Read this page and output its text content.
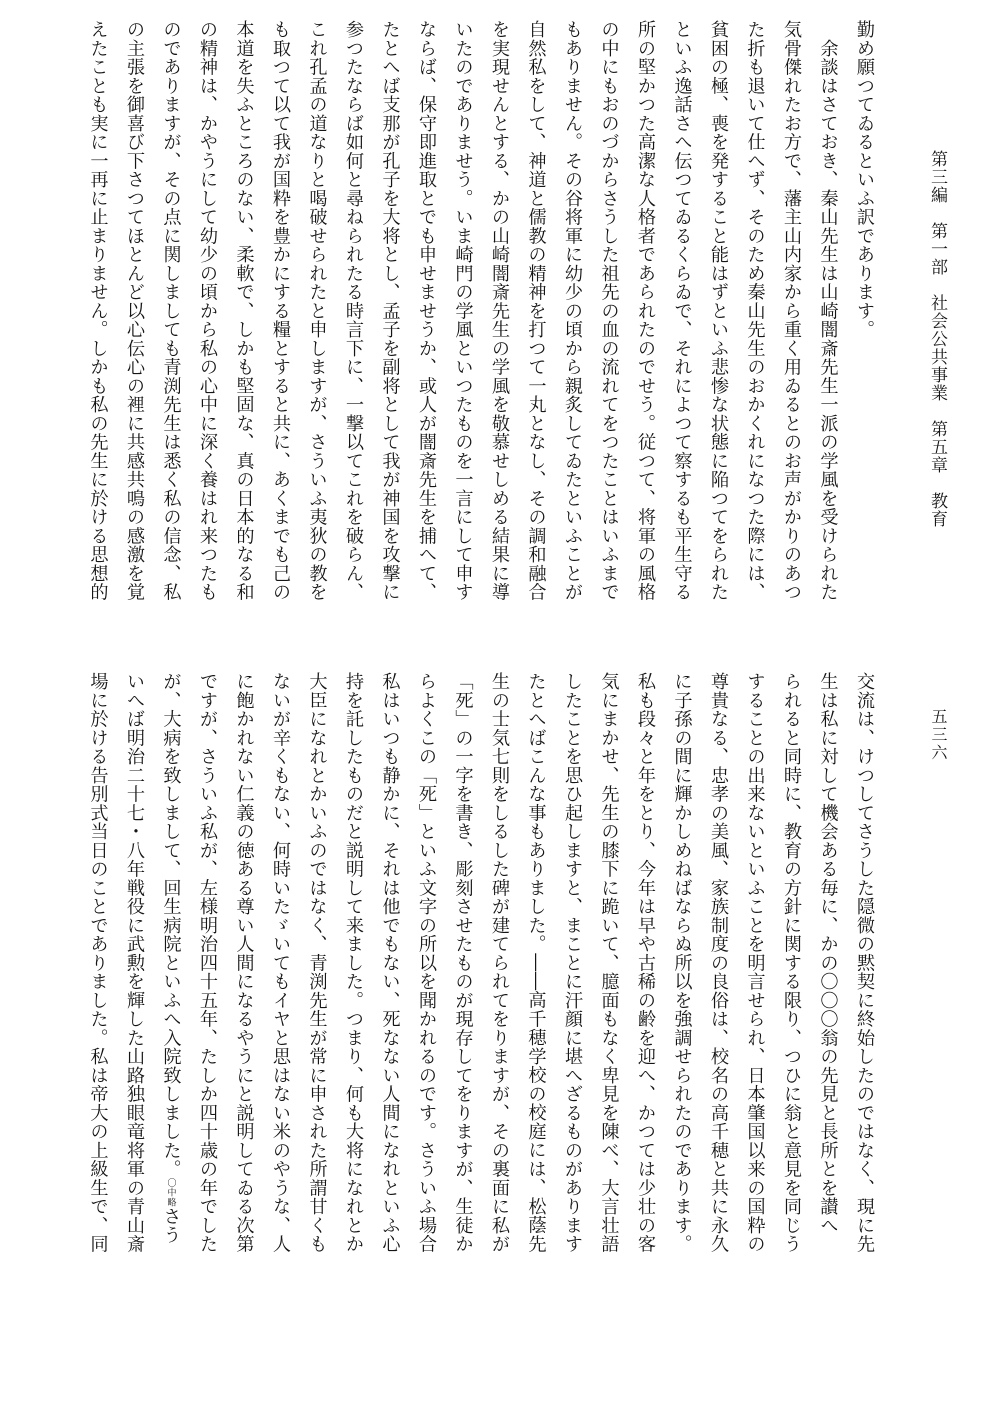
第三編　第一部　社会公共事業　第五章　教育
五三六
勤め願つてゐるといふ訳であります。
　余談はさておき、秦山先生は山崎闇斎先生一派の学風を受けられた
気骨傑れたお方で、藩主山内家から重く用ゐるとのお声がかりのあつ
た折も退いて仕へず、そのため秦山先生のおかくれになつた際には、
貧困の極、喪を発すること能はずといふ悲惨な状態に陥つてをられた
といふ逸話さへ伝つてゐるくらゐで、それによつて察するも平生守る
所の堅かつた高潔な人格者であられたのでせう。従つて、将軍の風格
の中にもおのづからさうした祖先の血の流れてをつたことはいふまで
もありません。その谷将軍に幼少の頃から親炙してゐたといふことが
自然私をして、神道と儒教の精神を打つて一丸となし、その調和融合
を実現せんとする、かの山崎闇斎先生の学風を敬慕せしめる結果に導
いたのでありませう。いま崎門の学風といつたものを一言にして申す
ならば、保守即進取とでも申せませうか、或人が闇斎先生を捕へて、
たとへば支那が孔子を大将とし、孟子を副将として我が神国を攻撃に
参つたならば如何と尋ねられたる時言下に、一撃以てこれを破らん、
これ孔孟の道なりと喝破せられたと申しますが、さういふ夷狄の教を
も取つて以て我が国粋を豊かにする糧とすると共に、あくまでも己の
本道を失ふところのない、柔軟で、しかも堅固な、真の日本的なる和
の精神は、かやうにして幼少の頃から私の心中に深く養はれ来つたも
のでありますが、その点に関しましても青渕先生は悉く私の信念、私
の主張を御喜び下さつてほとんど以心伝心の裡に共感共鳴の感激を覚
えたことも実に一再に止まりません。しかも私の先生に於ける思想的
交流は、けつしてさうした隠微の黙契に終始したのではなく、現に先
生は私に対して機会ある毎に、かの〇〇〇翁の先見と長所とを讃へ
られると同時に、教育の方針に関する限り、つひに翁と意見を同じう
することの出来ないといふことを明言せられ、日本肇国以来の国粋の
尊貴なる、忠孝の美風、家族制度の良俗は、校名の高千穂と共に永久
に子孫の間に輝かしめねばならぬ所以を強調せられたのであります。
私も段々と年をとり、今年は早や古稀の齢を迎へ、かつては少壮の客
気にまかせ、先生の膝下に跪いて、臆面もなく卑見を陳べ、大言壮語
したことを思ひ起しますと、まことに汗顔に堪へざるものがあります
たとへばこんな事もありました。――高千穂学校の校庭には、松蔭先
生の士気七則をしるした碑が建てられてをりますが、その裏面に私が
「死」の一字を書き、彫刻させたものが現存してをりますが、生徒か
らよくこの「死」といふ文字の所以を聞かれるのです。さういふ場合
私はいつも静かに、それは他でもない、死なない人間になれといふ心
持を託したものだと説明して来ました。つまり、何も大将になれとか
大臣になれとかいふのではなく、青渕先生が常に申された所謂甘くも
ないが辛くもない、何時いたゞいてもイヤと思はない米のやうな、人
に飽かれない仁義の徳ある尊い人間になるやうにと説明してゐる次第
ですが、さういふ私が、左様明治四十五年、たしか四十歳の年でした
が、大病を致しまして、回生病院といふへ入院致しました。〇中略さう
いへば明治二十七・八年戦役に武勲を輝した山路独眼竜将軍の青山斎
場に於ける告別式当日のことでありました。私は帝大の上級生で、同
